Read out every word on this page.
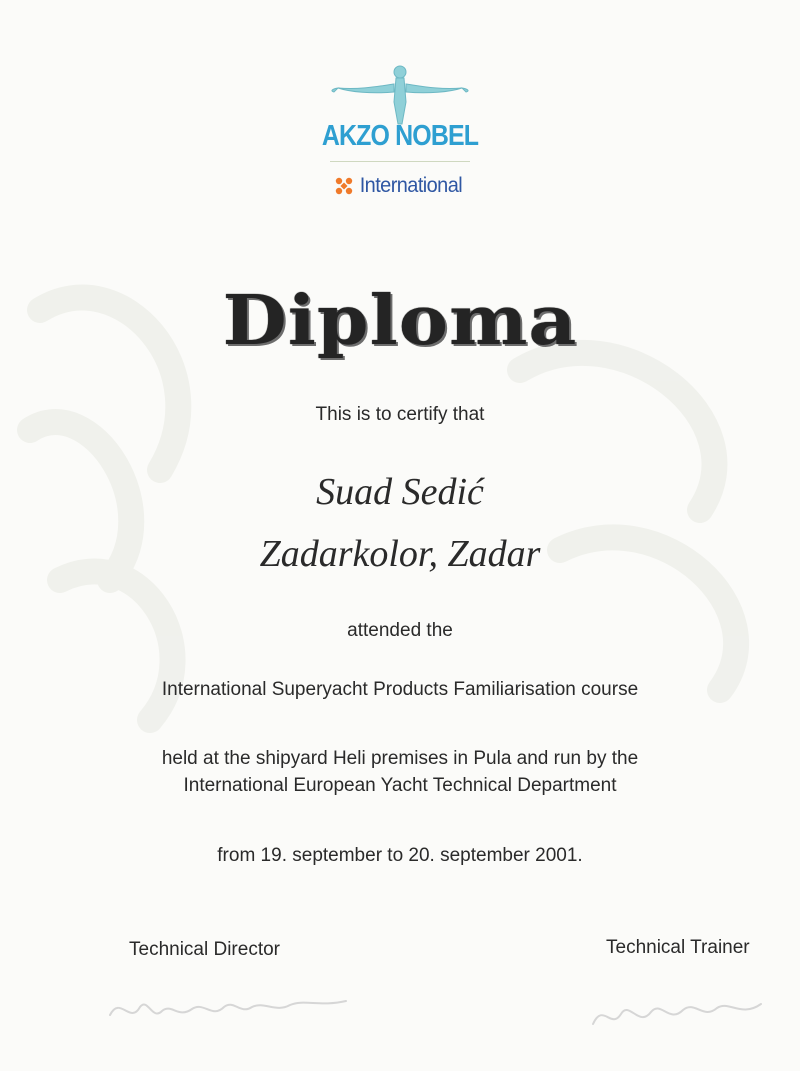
AKZO NOBEL
International
Diploma
This is to certify that
Suad Sedić
Zadarkolor, Zadar
attended the
International Superyacht Products Familiarisation course
held at the shipyard Heli premises in Pula and run by the
International European Yacht Technical Department
from 19. september to 20. september 2001.
Technical Director	Technical Trainer
